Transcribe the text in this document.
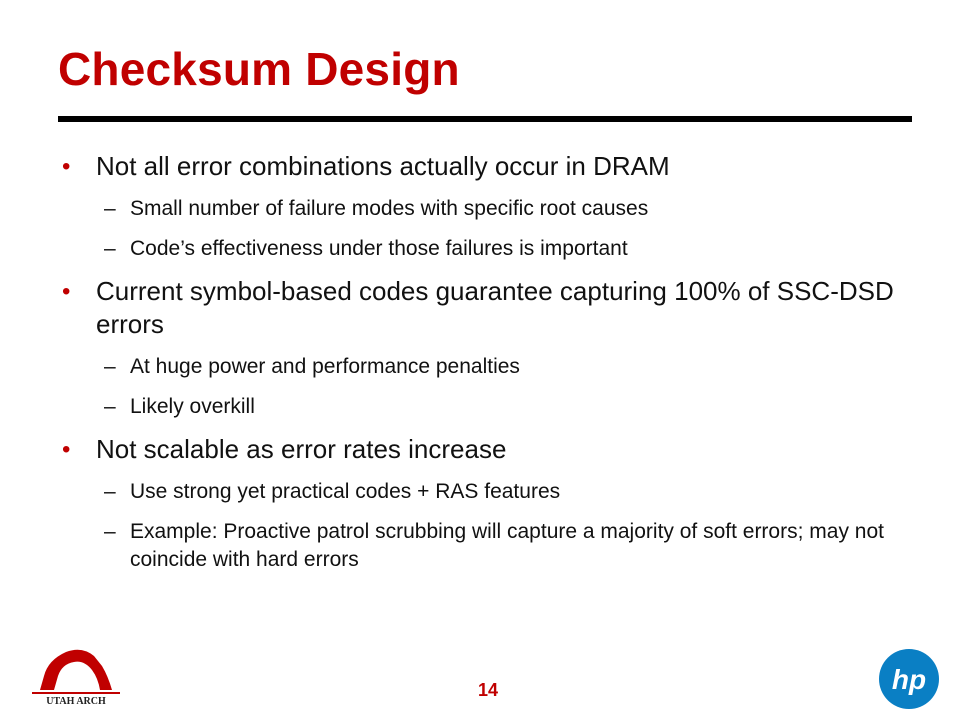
Checksum Design
• Not all error combinations actually occur in DRAM
– Small number of failure modes with specific root causes
– Code’s effectiveness under those failures is important
• Current symbol-based codes guarantee capturing 100% of SSC-DSD errors
– At huge power and performance penalties
– Likely overkill
• Not scalable as error rates increase
– Use strong yet practical codes + RAS features
– Example: Proactive patrol scrubbing will capture a majority of soft errors; may not coincide with hard errors
UTAH ARCH
14	hp
